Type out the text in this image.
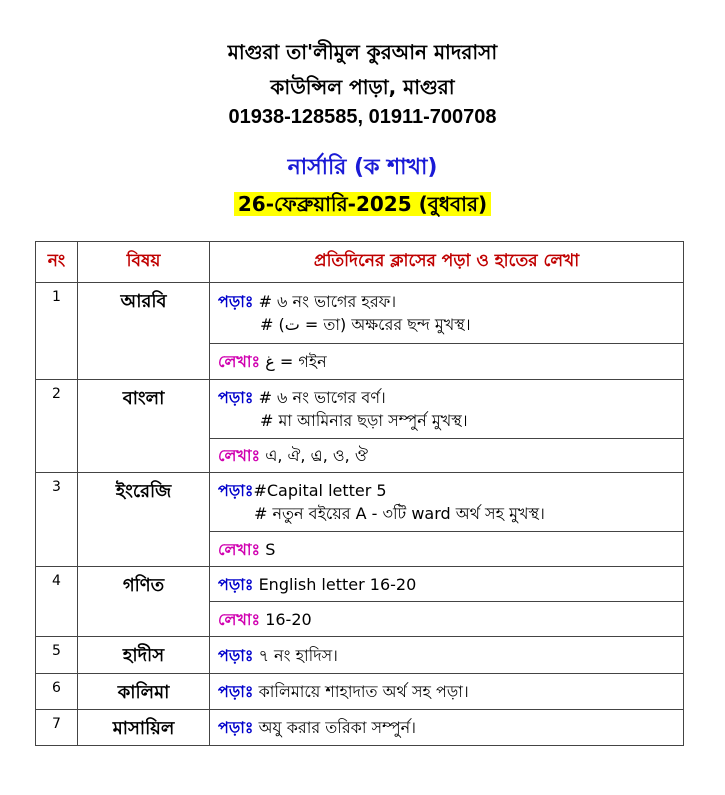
মাগুরা তা'লীমুল কুরআন মাদরাসা
কাউন্সিল পাড়া, মাগুরা
01938-128585, 01911-700708
নার্সারি (ক শাখা)
26-ফেব্রুয়ারি-2025 (বুধবার)
নং	বিষয়	প্রতিদিনের ক্লাসের পড়া ও হাতের লেখা
1	আরবি	পড়াঃ # ৬ নং ভাগের হরফ।
# (ت = তা) অক্ষরের ছন্দ মুখস্থ।

		লেখাঃ غ = গইন
2	বাংলা	পড়াঃ # ৬ নং ভাগের বর্ণ।
# মা আমিনার ছড়া সম্পুর্ন মুখস্থ।

		লেখাঃ এ, ঐ, এ্র, ও, ঔ
3	ইংরেজি	পড়াঃ#Capital letter 5
# নতুন বইয়ের A - ৩টি ward অর্থ সহ মুখস্থ।

		লেখাঃ S
4	গণিত	পড়াঃ English letter 16-20
		লেখাঃ 16-20
5	হাদীস	পড়াঃ ৭ নং হাদিস।
6	কালিমা	পড়াঃ কালিমায়ে শাহাদাত অর্থ সহ পড়া।
7	মাসায়িল	পড়াঃ অযু করার তরিকা সম্পুর্ন।
